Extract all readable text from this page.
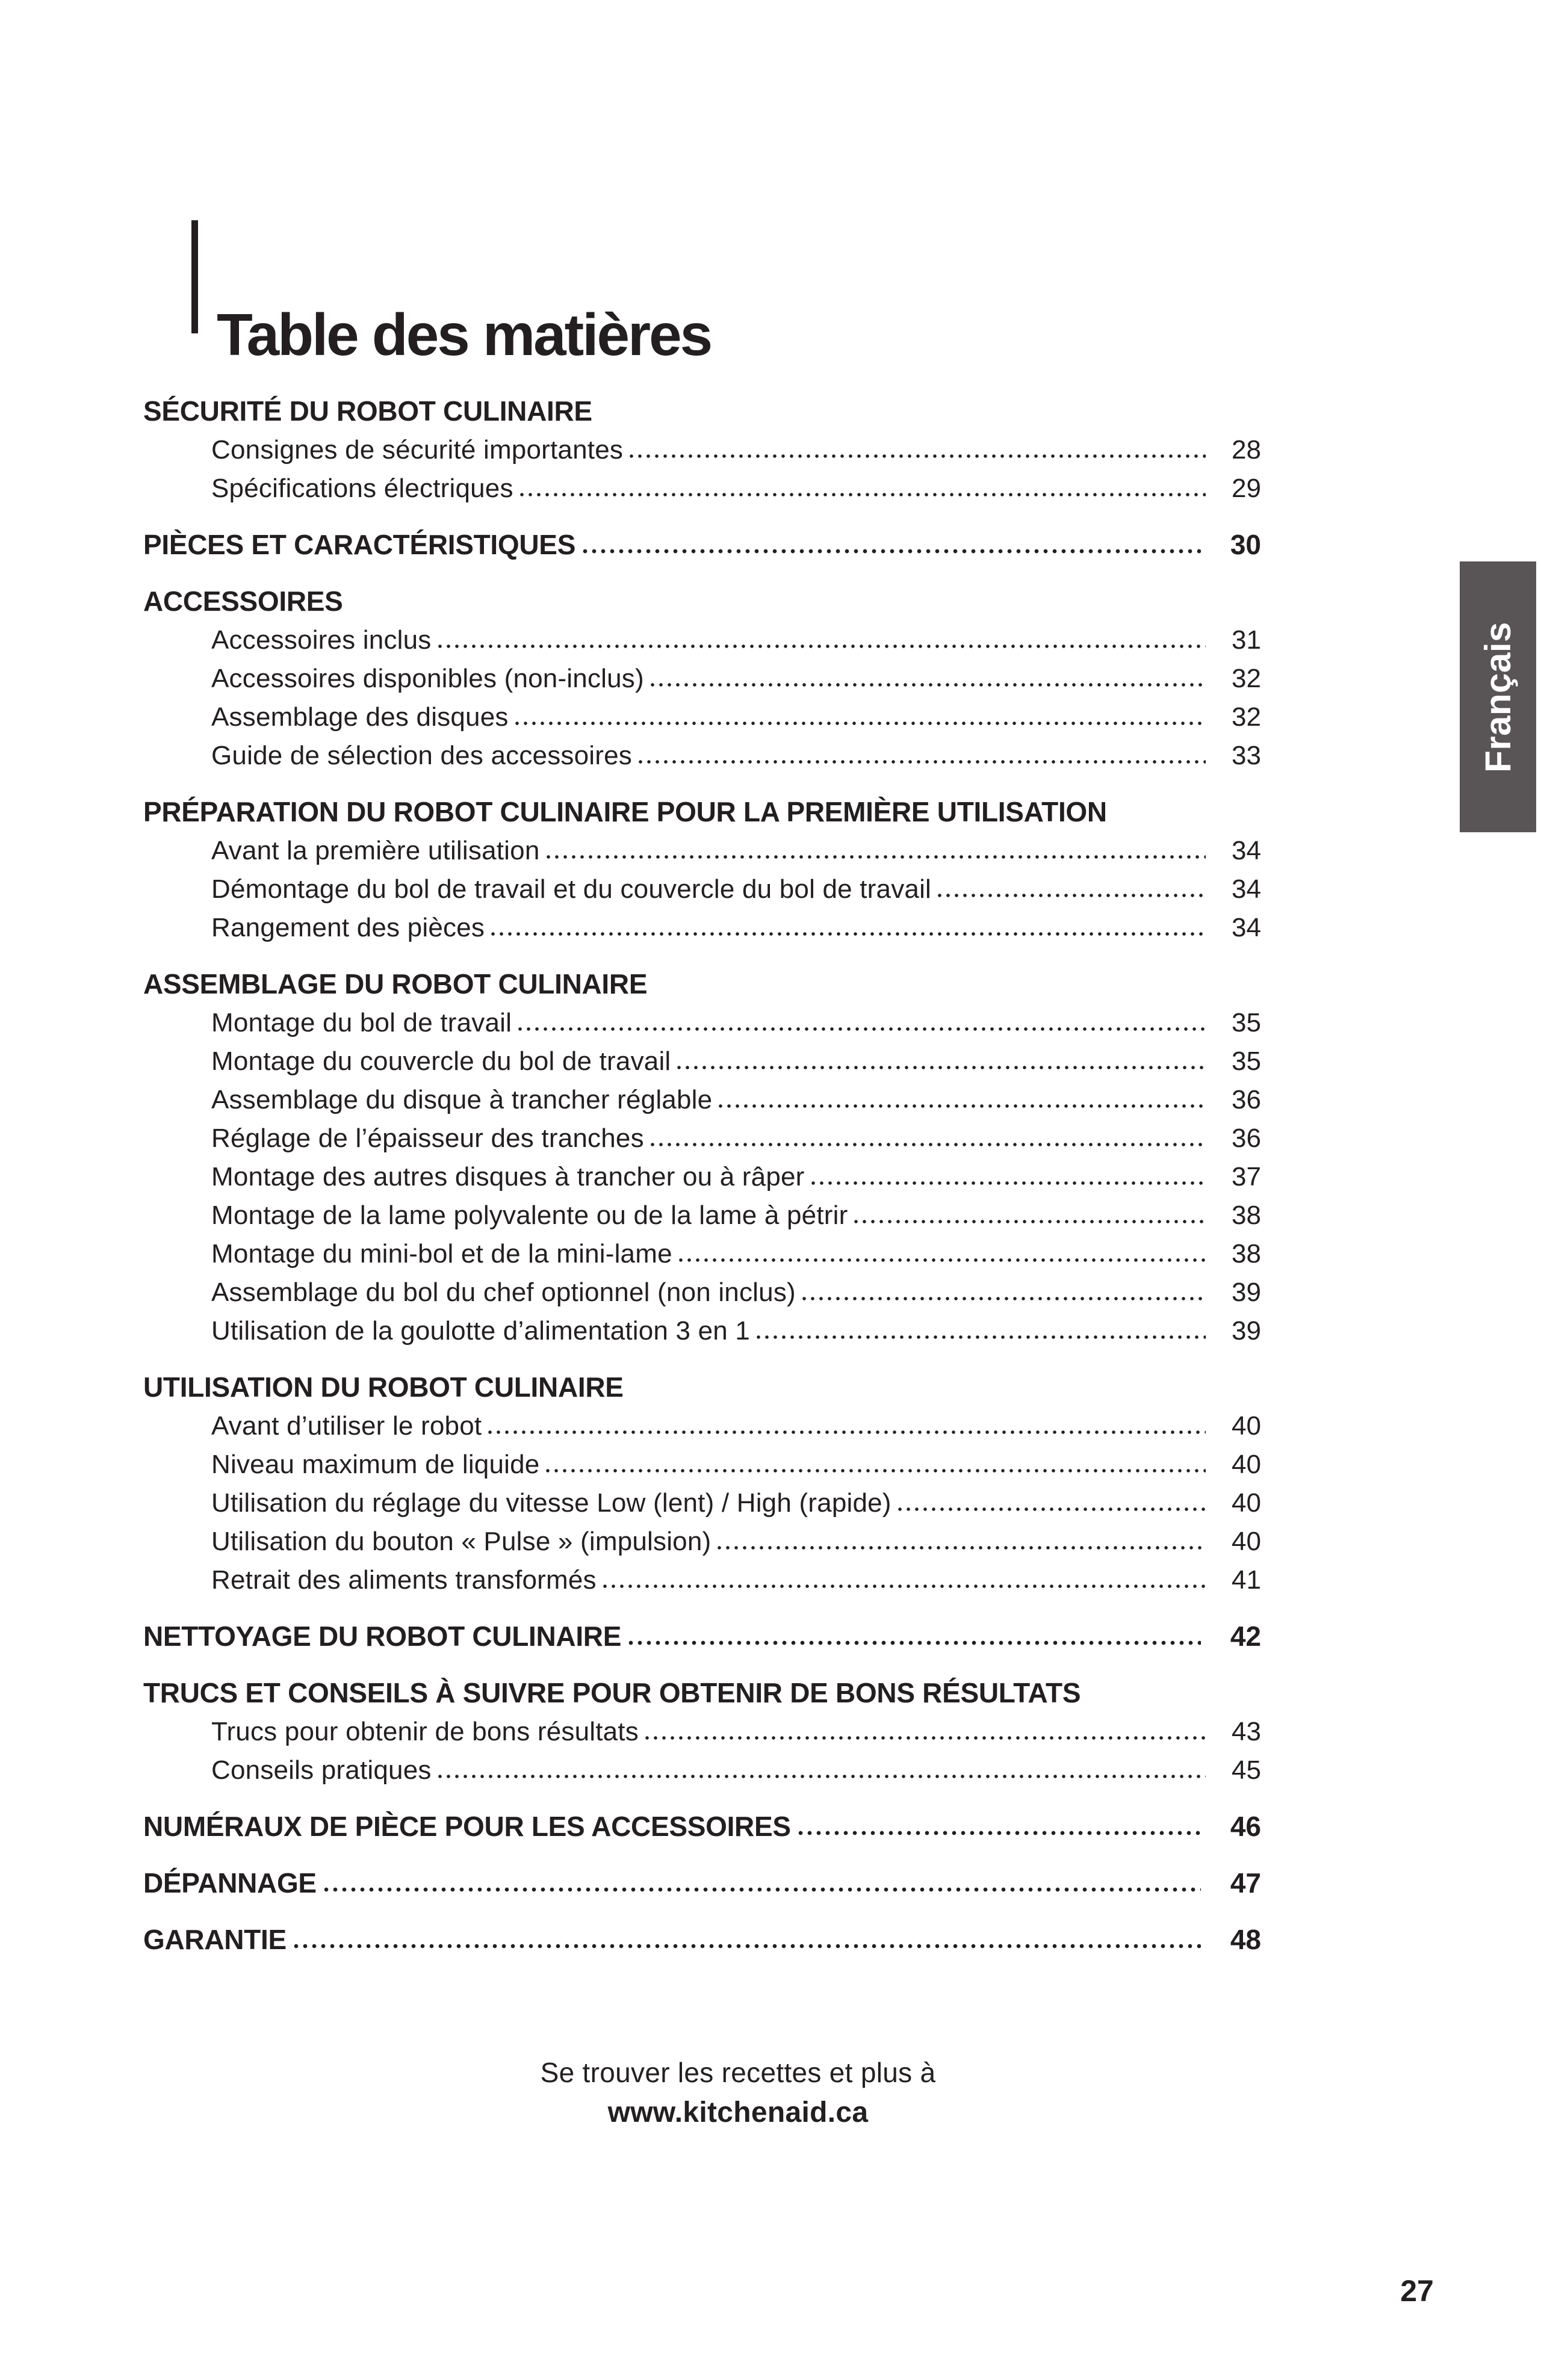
Table des matières
SÉCURITÉ DU ROBOT CULINAIRE
Consignes de sécurité importantes	28
Spécifications électriques	29
PIÈCES ET CARACTÉRISTIQUES	30
ACCESSOIRES
Accessoires inclus	31
Accessoires disponibles (non-inclus)	32
Assemblage des disques	32
Guide de sélection des accessoires	33
PRÉPARATION DU ROBOT CULINAIRE POUR LA PREMIÈRE UTILISATION
Avant la première utilisation	34
Démontage du bol de travail et du couvercle du bol de travail	34
Rangement des pièces	34
ASSEMBLAGE DU ROBOT CULINAIRE
Montage du bol de travail	35
Montage du couvercle du bol de travail	35
Assemblage du disque à trancher réglable	36
Réglage de l’épaisseur des tranches	36
Montage des autres disques à trancher ou à râper	37
Montage de la lame polyvalente ou de la lame à pétrir	38
Montage du mini-bol et de la mini-lame	38
Assemblage du bol du chef optionnel (non inclus)	39
Utilisation de la goulotte d’alimentation 3 en 1	39
UTILISATION DU ROBOT CULINAIRE
Avant d’utiliser le robot	40
Niveau maximum de liquide	40
Utilisation du réglage du vitesse Low (lent) / High (rapide)	40
Utilisation du bouton « Pulse » (impulsion)	40
Retrait des aliments transformés	41
NETTOYAGE DU ROBOT CULINAIRE	42
TRUCS ET CONSEILS À SUIVRE POUR OBTENIR DE BONS RÉSULTATS
Trucs pour obtenir de bons résultats	43
Conseils pratiques	45
NUMÉRAUX DE PIÈCE POUR LES ACCESSOIRES	46
DÉPANNAGE	47
GARANTIE	48
Français
Se trouver les recettes et plus à
www.kitchenaid.ca
27
